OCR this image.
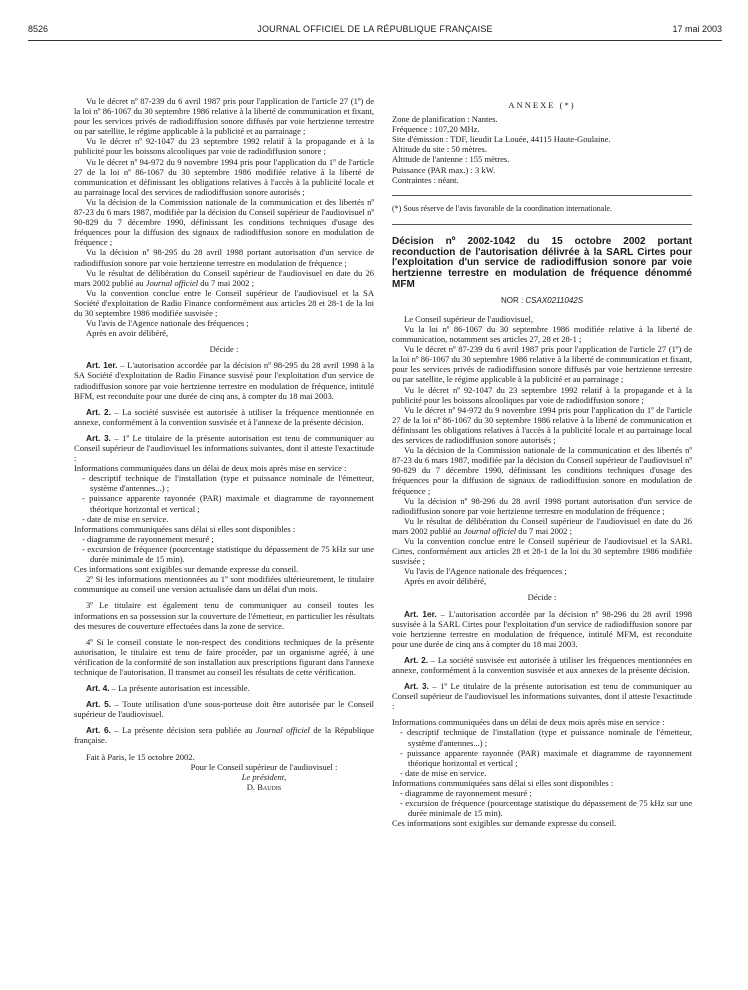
8526	JOURNAL OFFICIEL DE LA RÉPUBLIQUE FRANÇAISE	17 mai 2003

Vu le décret nº 87-239 du 6 avril 1987 pris pour l'application de l'article 27 (1º) de la loi nº 86-1067 du 30 septembre 1986 relative à la liberté de communication et fixant, pour les services privés de radiodiffusion sonore diffusés par voie hertzienne terrestre ou par satellite, le régime applicable à la publicité et au parrainage ;

Vu le décret nº 92-1047 du 23 septembre 1992 relatif à la propagande et à la publicité pour les boissons alcooliques par voie de radiodiffusion sonore ;

Vu le décret nº 94-972 du 9 novembre 1994 pris pour l'application du 1º de l'article 27 de la loi nº 86-1067 du 30 septembre 1986 modifiée relative à la liberté de communication et définissant les obligations relatives à l'accès à la publicité locale et au parrainage local des services de radiodiffusion sonore autorisés ;

Vu la décision de la Commission nationale de la communication et des libertés nº 87-23 du 6 mars 1987, modifiée par la décision du Conseil supérieur de l'audiovisuel nº 90-829 du 7 décembre 1990, définissant les conditions techniques d'usage des fréquences pour la diffusion des signaux de radiodiffusion sonore en modulation de fréquence ;

Vu la décision nº 98-295 du 28 avril 1998 portant autorisation d'un service de radiodiffusion sonore par voie hertzienne terrestre en modulation de fréquence ;

Vu le résultat de délibération du Conseil supérieur de l'audiovisuel en date du 26 mars 2002 publié au Journal officiel du 7 mai 2002 ;

Vu la convention conclue entre le Conseil supérieur de l'audiovisuel et la SA Société d'exploitation de Radio Finance conformément aux articles 28 et 28-1 de la loi du 30 septembre 1986 modifiée susvisée ;

Vu l'avis de l'Agence nationale des fréquences ;

Après en avoir délibéré,

Décide :

Art. 1er. – L'autorisation accordée par la décision nº 98-295 du 28 avril 1998 à la SA Société d'exploitation de Radio Finance susvisé pour l'exploitation d'un service de radiodiffusion sonore par voie hertzienne terrestre en modulation de fréquence, intitulé BFM, est reconduite pour une durée de cinq ans, à compter du 18 mai 2003.

Art. 2. – La société susvisée est autorisée à utiliser la fréquence mentionnée en annexe, conformément à la convention susvisée et à l'annexe de la présente décision.

Art. 3. – 1º Le titulaire de la présente autorisation est tenu de communiquer au Conseil supérieur de l'audiovisuel les informations suivantes, dont il atteste l'exactitude :

Informations communiquées dans un délai de deux mois après mise en service :

- descriptif technique de l'installation (type et puissance nominale de l'émetteur, système d'antennes...) ;

- puissance apparente rayonnée (PAR) maximale et diagramme de rayonnement théorique horizontal et vertical ;

- date de mise en service.

Informations communiquées sans délai si elles sont disponibles :

- diagramme de rayonnement mesuré ;

- excursion de fréquence (pourcentage statistique du dépassement de 75 kHz sur une durée minimale de 15 min).

Ces informations sont exigibles sur demande expresse du conseil.

2º Si les informations mentionnées au 1º sont modifiées ultérieurement, le titulaire communique au conseil une version actualisée dans un délai d'un mois.

3º Le titulaire est également tenu de communiquer au conseil toutes les informations en sa possession sur la couverture de l'émetteur, en particulier les résultats des mesures de couverture effectuées dans la zone de service.

4º Si le conseil constate le non-respect des conditions techniques de la présente autorisation, le titulaire est tenu de faire procéder, par un organisme agréé, à une vérification de la conformité de son installation aux prescriptions figurant dans l'annexe technique de l'autorisation. Il transmet au conseil les résultats de cette vérification.

Art. 4. – La présente autorisation est incessible.

Art. 5. – Toute utilisation d'une sous-porteuse doit être autorisée par le Conseil supérieur de l'audiovisuel.

Art. 6. – La présente décision sera publiée au Journal officiel de la République française.

Fait à Paris, le 15 octobre 2002.

Pour le Conseil supérieur de l'audiovisuel :
Le président,
D. Baudis

ANNEXE (*)

Zone de planification : Nantes.

Fréquence : 107,20 MHz.

Site d'émission : TDF, lieudit La Louée, 44115 Haute-Goulaine.

Altitude du site : 50 mètres.

Altitude de l'antenne : 155 mètres.

Puissance (PAR max.) : 3 kW.

Contraintes : néant.

(*) Sous réserve de l'avis favorable de la coordination internationale.

Décision nº 2002-1042 du 15 octobre 2002 portant reconduction de l'autorisation délivrée à la SARL Cirtes pour l'exploitation d'un service de radiodiffusion sonore par voie hertzienne terrestre en modulation de fréquence dénommé MFM

NOR : CSAX0211042S

Le Conseil supérieur de l'audiovisuel,

Vu la loi nº 86-1067 du 30 septembre 1986 modifiée relative à la liberté de communication, notamment ses articles 27, 28 et 28-1 ;

Vu le décret nº 87-239 du 6 avril 1987 pris pour l'application de l'article 27 (1º) de la loi nº 86-1067 du 30 septembre 1986 relative à la liberté de communication et fixant, pour les services privés de radiodiffusion sonore diffusés par voie hertzienne terrestre ou par satellite, le régime applicable à la publicité et au parrainage ;

Vu le décret nº 92-1047 du 23 septembre 1992 relatif à la propagande et à la publicité pour les boissons alcooliques par voie de radiodiffusion sonore ;

Vu le décret nº 94-972 du 9 novembre 1994 pris pour l'application du 1º de l'article 27 de la loi nº 86-1067 du 30 septembre 1986 relative à la liberté de communication et définissant les obligations relatives à l'accès à la publicité locale et au parrainage local des services de radiodiffusion sonore autorisés ;

Vu la décision de la Commission nationale de la communication et des libertés nº 87-23 du 6 mars 1987, modifiée par la décision du Conseil supérieur de l'audiovisuel nº 90-829 du 7 décembre 1990, définissant les conditions techniques d'usage des fréquences pour la diffusion de signaux de radiodiffusion sonore en modulation de fréquence ;

Vu la décision nº 98-296 du 28 avril 1998 portant autorisation d'un service de radiodiffusion sonore par voie hertzienne terrestre en modulation de fréquence ;

Vu le résultat de délibération du Conseil supérieur de l'audiovisuel en date du 26 mars 2002 publié au Journal officiel du 7 mai 2002 ;

Vu la convention conclue entre le Conseil supérieur de l'audiovisuel et la SARL Cirtes, conformément aux articles 28 et 28-1 de la loi du 30 septembre 1986 modifiée susvisée ;

Vu l'avis de l'Agence nationale des fréquences ;

Après en avoir délibéré,

Décide :

Art. 1er. – L'autorisation accordée par la décision nº 98-296 du 28 avril 1998 susvisée à la SARL Cirtes pour l'exploitation d'un service de radiodiffusion sonore par voie hertzienne terrestre en modulation de fréquence, intitulé MFM, est reconduite pour une durée de cinq ans à compter du 18 mai 2003.

Art. 2. – La société susvisée est autorisée à utiliser les fréquences mentionnées en annexe, conformément à la convention susvisée et aux annexes de la présente décision.

Art. 3. – 1º Le titulaire de la présente autorisation est tenu de communiquer au Conseil supérieur de l'audiovisuel les informations suivantes, dont il atteste l'exactitude :

Informations communiquées dans un délai de deux mois après mise en service :

- descriptif technique de l'installation (type et puissance nominale de l'émetteur, système d'antennes...) ;

- puissance apparente rayonnée (PAR) maximale et diagramme de rayonnement théorique horizontal et vertical ;

- date de mise en service.

Informations communiquées sans délai si elles sont disponibles :

- diagramme de rayonnement mesuré ;

- excursion de fréquence (pourcentage statistique du dépassement de 75 kHz sur une durée minimale de 15 min).

Ces informations sont exigibles sur demande expresse du conseil.
